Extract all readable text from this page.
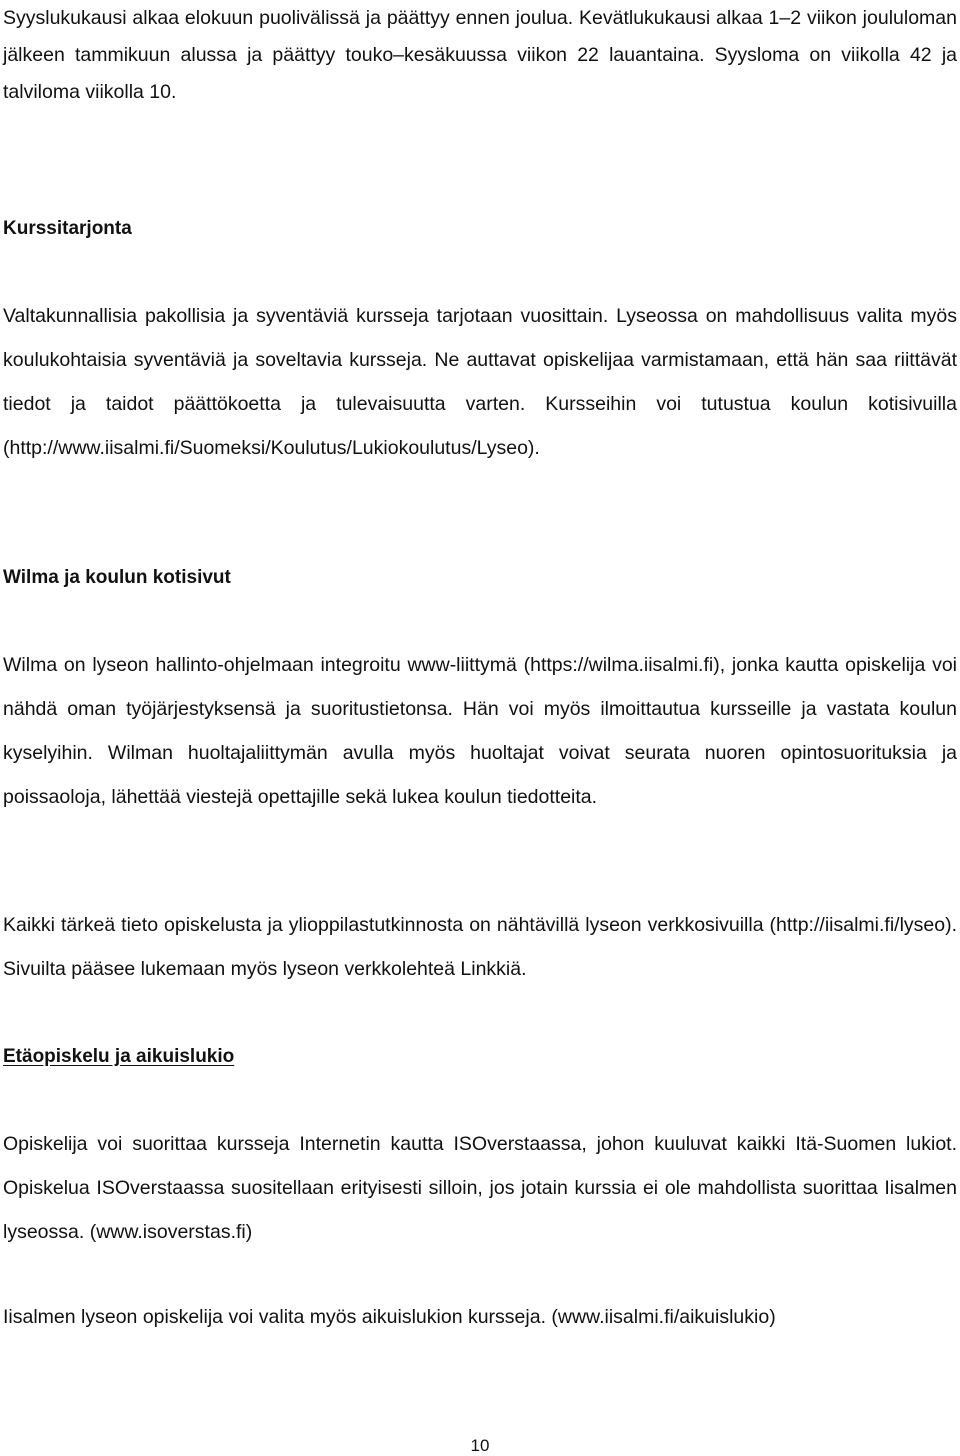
Syyslukukausi alkaa elokuun puolivälissä ja päättyy ennen joulua. Kevätlukukausi alkaa 1–2 viikon joululoman jälkeen tammikuun alussa ja päättyy touko–kesäkuussa viikon 22 lauantaina. Syysloma on viikolla 42 ja talviloma viikolla 10.

Kurssitarjonta

Valtakunnallisia pakollisia ja syventäviä kursseja tarjotaan vuosittain. Lyseossa on mahdollisuus valita myös koulukohtaisia syventäviä ja soveltavia kursseja. Ne auttavat opiskelijaa varmistamaan, että hän saa riittävät tiedot ja taidot päättökoetta ja tulevaisuutta varten. Kursseihin voi tutustua koulun kotisivuilla (http://www.iisalmi.fi/Suomeksi/Koulutus/Lukiokoulutus/Lyseo).

Wilma ja koulun kotisivut

Wilma on lyseon hallinto-ohjelmaan integroitu www-liittymä (https://wilma.iisalmi.fi), jonka kautta opiskelija voi nähdä oman työjärjestyksensä ja suoritustietonsa. Hän voi myös ilmoittautua kursseille ja vastata koulun kyselyihin. Wilman huoltajaliittymän avulla myös huoltajat voivat seurata nuoren opintosuorituksia ja poissaoloja, lähettää viestejä opettajille sekä lukea koulun tiedotteita.

Kaikki tärkeä tieto opiskelusta ja ylioppilastutkinnosta on nähtävillä lyseon verkkosivuilla (http://iisalmi.fi/lyseo). Sivuilta pääsee lukemaan myös lyseon verkkolehteä Linkkiä.

Etäopiskelu ja aikuislukio

Opiskelija voi suorittaa kursseja Internetin kautta ISOverstaassa, johon kuuluvat kaikki Itä-Suomen lukiot. Opiskelua ISOverstaassa suositellaan erityisesti silloin, jos jotain kurssia ei ole mahdollista suorittaa Iisalmen lyseossa. (www.isoverstas.fi)

Iisalmen lyseon opiskelija voi valita myös aikuislukion kursseja. (www.iisalmi.fi/aikuislukio)

10
